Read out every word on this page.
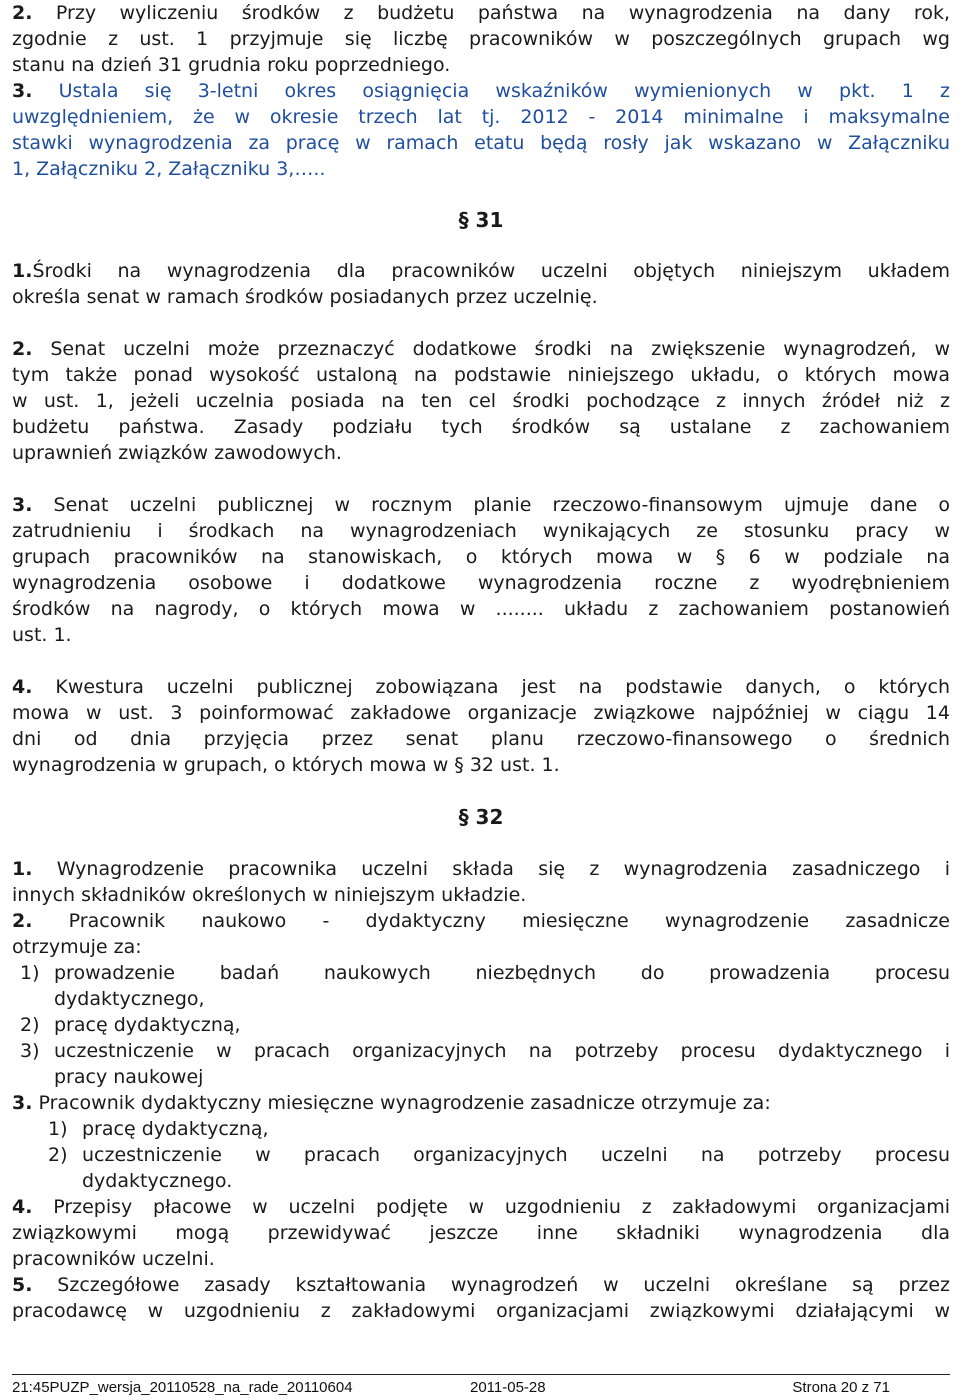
2. Przy wyliczeniu środków z budżetu państwa na wynagrodzenia na dany rok,
zgodnie z ust. 1 przyjmuje się liczbę pracowników w poszczególnych grupach wg
stanu na dzień 31 grudnia roku poprzedniego.
3. Ustala się 3-letni okres osiągnięcia wskaźników wymienionych w pkt. 1 z
uwzględnieniem, że w okresie trzech lat tj. 2012 - 2014 minimalne i maksymalne
stawki wynagrodzenia za pracę w ramach etatu będą rosły jak wskazano w Załączniku
1, Załączniku 2, Załączniku 3,…..
§ 31
1.Środki na wynagrodzenia dla pracowników uczelni objętych niniejszym układem
określa senat w ramach środków posiadanych przez uczelnię.
2. Senat uczelni może przeznaczyć dodatkowe środki na zwiększenie wynagrodzeń, w
tym także ponad wysokość ustaloną na podstawie niniejszego układu, o których mowa
w ust. 1, jeżeli uczelnia posiada na ten cel środki pochodzące z innych źródeł niż z
budżetu państwa. Zasady podziału tych środków są ustalane z zachowaniem
uprawnień związków zawodowych.
3. Senat uczelni publicznej w rocznym planie rzeczowo-finansowym ujmuje dane o
zatrudnieniu i środkach na wynagrodzeniach wynikających ze stosunku pracy w
grupach pracowników na stanowiskach, o których mowa w § 6 w podziale na
wynagrodzenia osobowe i dodatkowe wynagrodzenia roczne z wyodrębnieniem
środków na nagrody, o których mowa w ........ układu z zachowaniem postanowień
ust. 1.
4. Kwestura uczelni publicznej zobowiązana jest na podstawie danych, o których
mowa w ust. 3 poinformować zakładowe organizacje związkowe najpóźniej w ciągu 14
dni od dnia przyjęcia przez senat planu rzeczowo-finansowego o średnich
wynagrodzenia w grupach, o których mowa w § 32 ust. 1.
§ 32
1. Wynagrodzenie pracownika uczelni składa się z wynagrodzenia zasadniczego i
innych składników określonych w niniejszym układzie.
2. Pracownik naukowo - dydaktyczny miesięczne wynagrodzenie zasadnicze
otrzymuje za:
1) prowadzenie badań naukowych niezbędnych do prowadzenia procesu
dydaktycznego,
2) pracę dydaktyczną,
3) uczestniczenie w pracach organizacyjnych na potrzeby procesu dydaktycznego i
pracy naukowej
3. Pracownik dydaktyczny miesięczne wynagrodzenie zasadnicze otrzymuje za:
1) pracę dydaktyczną,
2) uczestniczenie w pracach organizacyjnych uczelni na potrzeby procesu
dydaktycznego.
4. Przepisy płacowe w uczelni podjęte w uzgodnieniu z zakładowymi organizacjami
związkowymi mogą przewidywać jeszcze inne składniki wynagrodzenia dla
pracowników uczelni.
5. Szczegółowe zasady kształtowania wynagrodzeń w uczelni określane są przez
pracodawcę w uzgodnieniu z zakładowymi organizacjami związkowymi działającymi w
21:45PUZP_wersja_20110528_na_rade_20110604	2011-05-28	Strona 20 z 71
